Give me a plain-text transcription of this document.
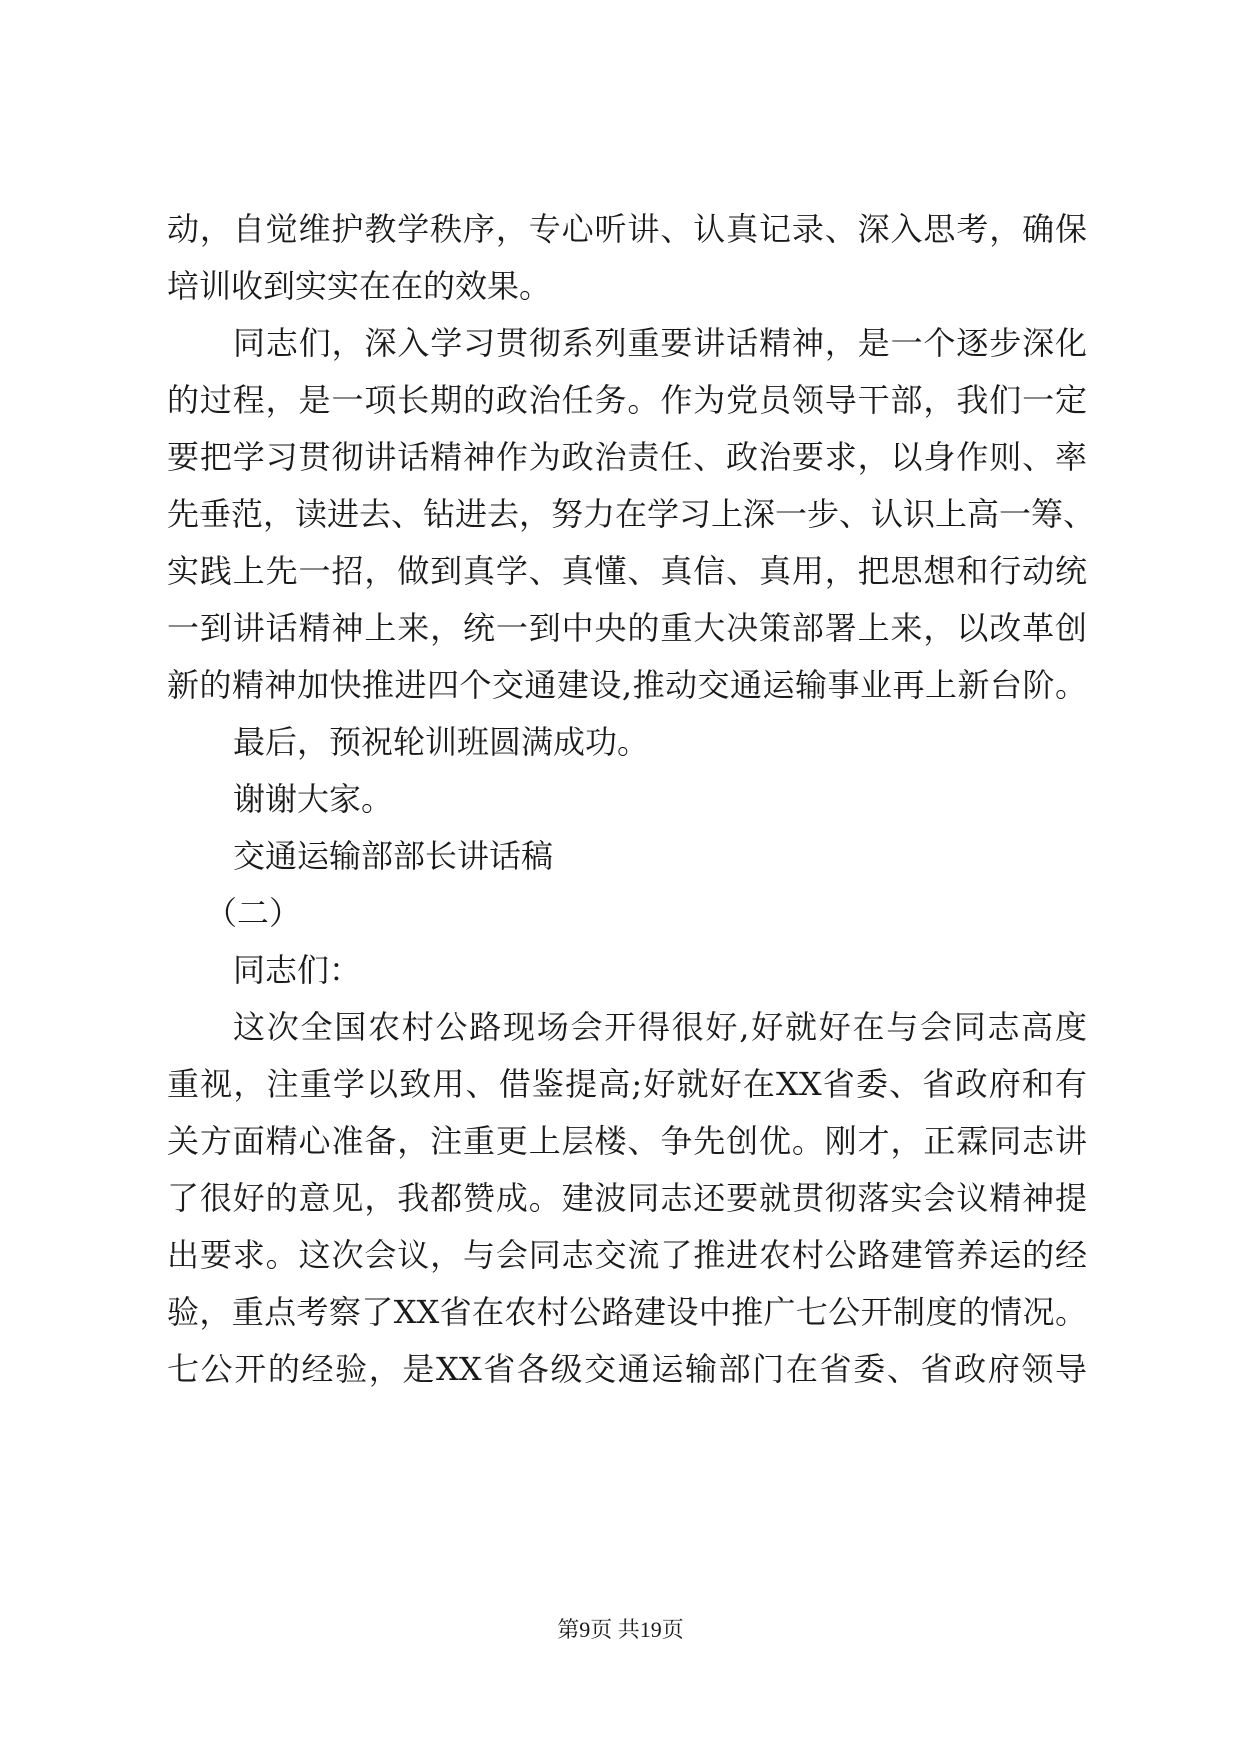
动，自觉维护教学秩序，专心听讲、认真记录、深入思考，确保
培训收到实实在在的效果。
同志们，深入学习贯彻系列重要讲话精神，是一个逐步深化
的过程，是一项长期的政治任务。作为党员领导干部，我们一定
要把学习贯彻讲话精神作为政治责任、政治要求，以身作则、率
先垂范，读进去、钻进去，努力在学习上深一步、认识上高一筹、
实践上先一招，做到真学、真懂、真信、真用，把思想和行动统
一到讲话精神上来，统一到中央的重大决策部署上来，以改革创
新的精神加快推进四个交通建设,推动交通运输事业再上新台阶。
最后，预祝轮训班圆满成功。
谢谢大家。
交通运输部部长讲话稿
（二）
同志们：
这次全国农村公路现场会开得很好,好就好在与会同志高度
重视，注重学以致用、借鉴提高;好就好在XX省委、省政府和有
关方面精心准备，注重更上层楼、争先创优。刚才，正霖同志讲
了很好的意见，我都赞成。建波同志还要就贯彻落实会议精神提
出要求。这次会议，与会同志交流了推进农村公路建管养运的经
验，重点考察了XX省在农村公路建设中推广七公开制度的情况。
七公开的经验，是XX省各级交通运输部门在省委、省政府领导
第9页 共19页
